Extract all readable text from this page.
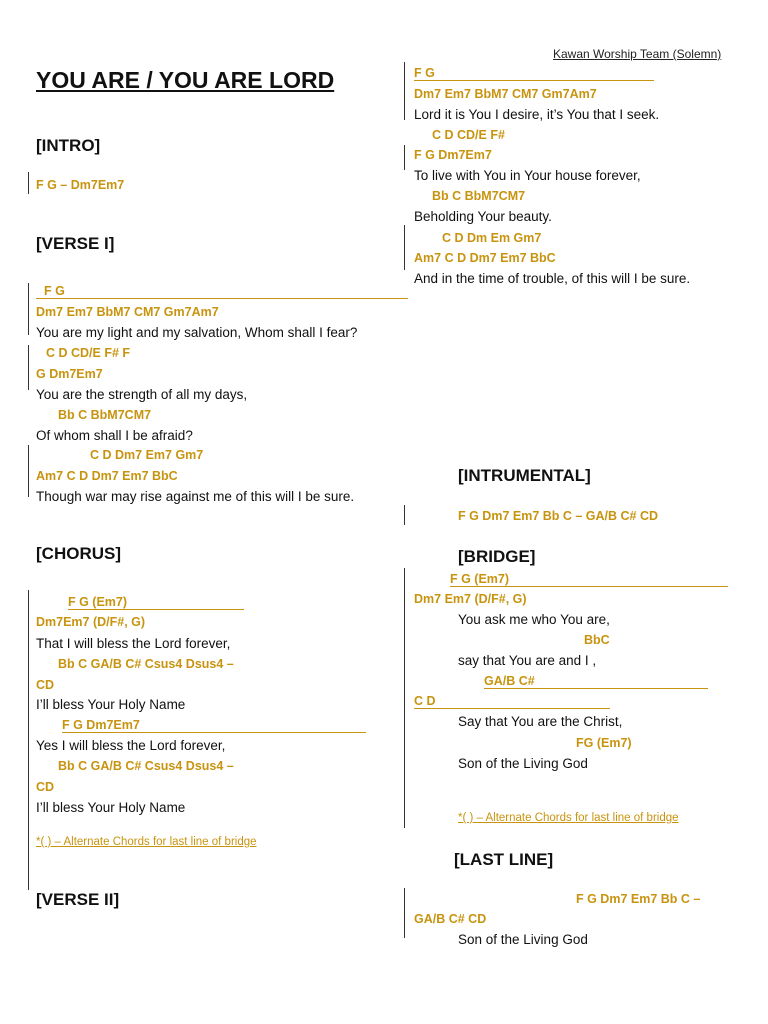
Kawan Worship Team (Solemn)
YOU ARE / YOU ARE LORD
[INTRO]
F G – Dm7Em7
[VERSE I]
F G
Dm7 Em7 BbM7 CM7 Gm7Am7
You are my light and my salvation, Whom shall I fear?
C D CD/E F# F
G Dm7Em7
You are the strength of all my days,
Bb C BbM7CM7
Of whom shall I be afraid?
C D Dm7 Em7 Gm7
Am7 C D Dm7 Em7 BbC
Though war may rise against me of this will I be sure.
[CHORUS]
F G (Em7)
Dm7Em7 (D/F#, G)
That I will bless the Lord forever,
Bb C GA/B C# Csus4 Dsus4 –
CD
I’ll bless Your Holy Name
F G Dm7Em7
Yes I will bless the Lord forever,
Bb C GA/B C# Csus4 Dsus4 –
CD
I’ll bless Your Holy Name
*( ) – Alternate Chords for last line of bridge
[VERSE II]
F G
Dm7 Em7 BbM7 CM7 Gm7Am7
Lord it is You I desire, it’s You that I seek.
C D CD/E F#
F G Dm7Em7
To live with You in Your house forever,
Bb C BbM7CM7
Beholding Your beauty.
C D Dm Em Gm7
Am7 C D Dm7 Em7 BbC
And in the time of trouble, of this will I be sure.
[INTRUMENTAL]
F G Dm7 Em7 Bb C – GA/B C# CD
[BRIDGE]
F G (Em7)
Dm7 Em7 (D/F#, G)
You ask me who You are,
BbC
say that You are and I ,
GA/B C#
C D
Say that You are the Christ,
FG (Em7)
Son of the Living God
*( ) – Alternate Chords for last line of bridge
[LAST LINE]
F G Dm7 Em7 Bb C –
GA/B C# CD
Son of the Living God
